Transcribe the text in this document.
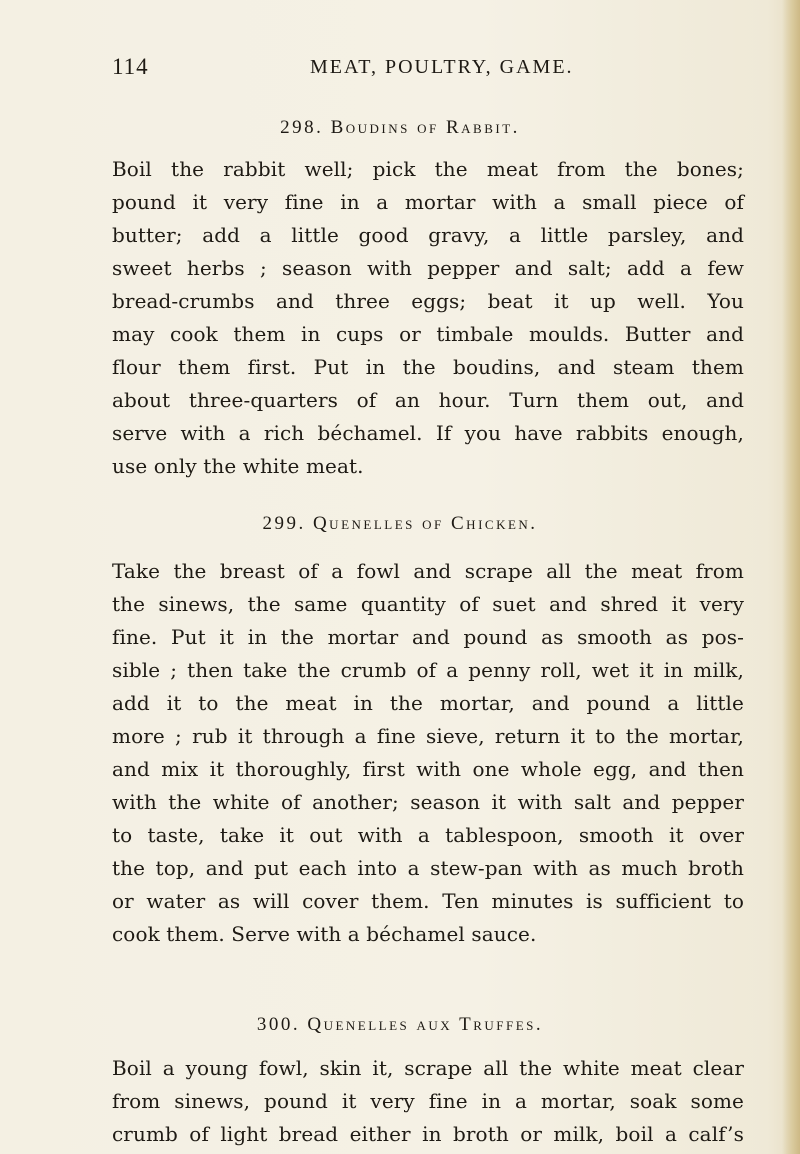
114	MEAT, POULTRY, GAME.
298. Boudins of Rabbit.
Boil the rabbit well; pick the meat from the bones;
pound it very fine in a mortar with a small piece of
butter; add a little good gravy, a little parsley, and
sweet herbs ; season with pepper and salt; add a few
bread-crumbs and three eggs; beat it up well. You
may cook them in cups or timbale moulds. Butter and
flour them first. Put in the boudins, and steam them
about three-quarters of an hour. Turn them out, and
serve with a rich béchamel. If you have rabbits enough,
use only the white meat.
299. Quenelles of Chicken.
Take the breast of a fowl and scrape all the meat from
the sinews, the same quantity of suet and shred it very
fine. Put it in the mortar and pound as smooth as pos-
sible ; then take the crumb of a penny roll, wet it in milk,
add it to the meat in the mortar, and pound a little
more ; rub it through a fine sieve, return it to the mortar,
and mix it thoroughly, first with one whole egg, and then
with the white of another; season it with salt and pepper
to taste, take it out with a tablespoon, smooth it over
the top, and put each into a stew-pan with as much broth
or water as will cover them. Ten minutes is sufficient to
cook them. Serve with a béchamel sauce.
300. Quenelles aux Truffes.
Boil a young fowl, skin it, scrape all the white meat clear
from sinews, pound it very fine in a mortar, soak some
crumb of light bread either in broth or milk, boil a calf’s
